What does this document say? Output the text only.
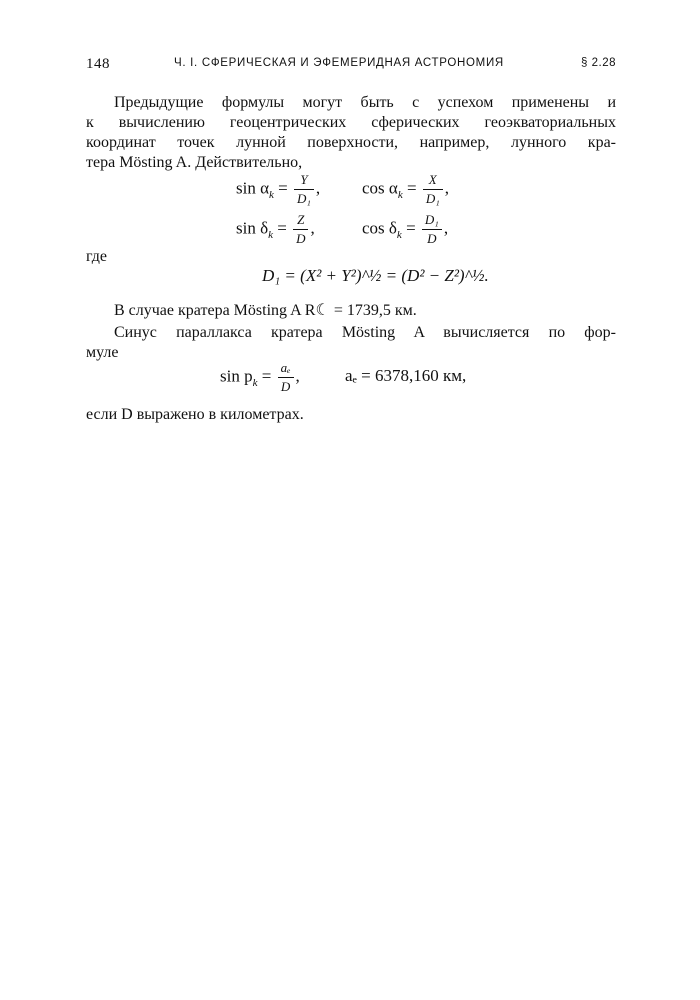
148	Ч. I. СФЕРИЧЕСКАЯ И ЭФЕМЕРИДНАЯ АСТРОНОМИЯ	§ 2.28
Предыдущие формулы могут быть с успехом применены и
к вычислению геоцентрических сферических геоэкваториальных
координат точек лунной поверхности, например, лунного кра-
тера Mösting A. Действительно,
$\sin \alpha_k = \frac{Y}{\text{D₁}}$ , $\cos \alpha_k = \frac{X}{\text{D₁}}$ ,
$\sin \delta_k = \frac{Z}{D}$ ,	$\cos \delta_k = \frac{\text{D₁}}{D}$ ,
где
D₁ = (X² + Y²)^½ = (D² − Z²)^½.
В случае кратера Mösting A R☾ = 1739,5 км.
Синус параллакса кратера Mösting A вычисляется по фор-
муле
$\sin p_k = \frac{\text{aₑ}}{D}$ ,	aₑ = 6378,160 км,
если D выражено в километрах.
